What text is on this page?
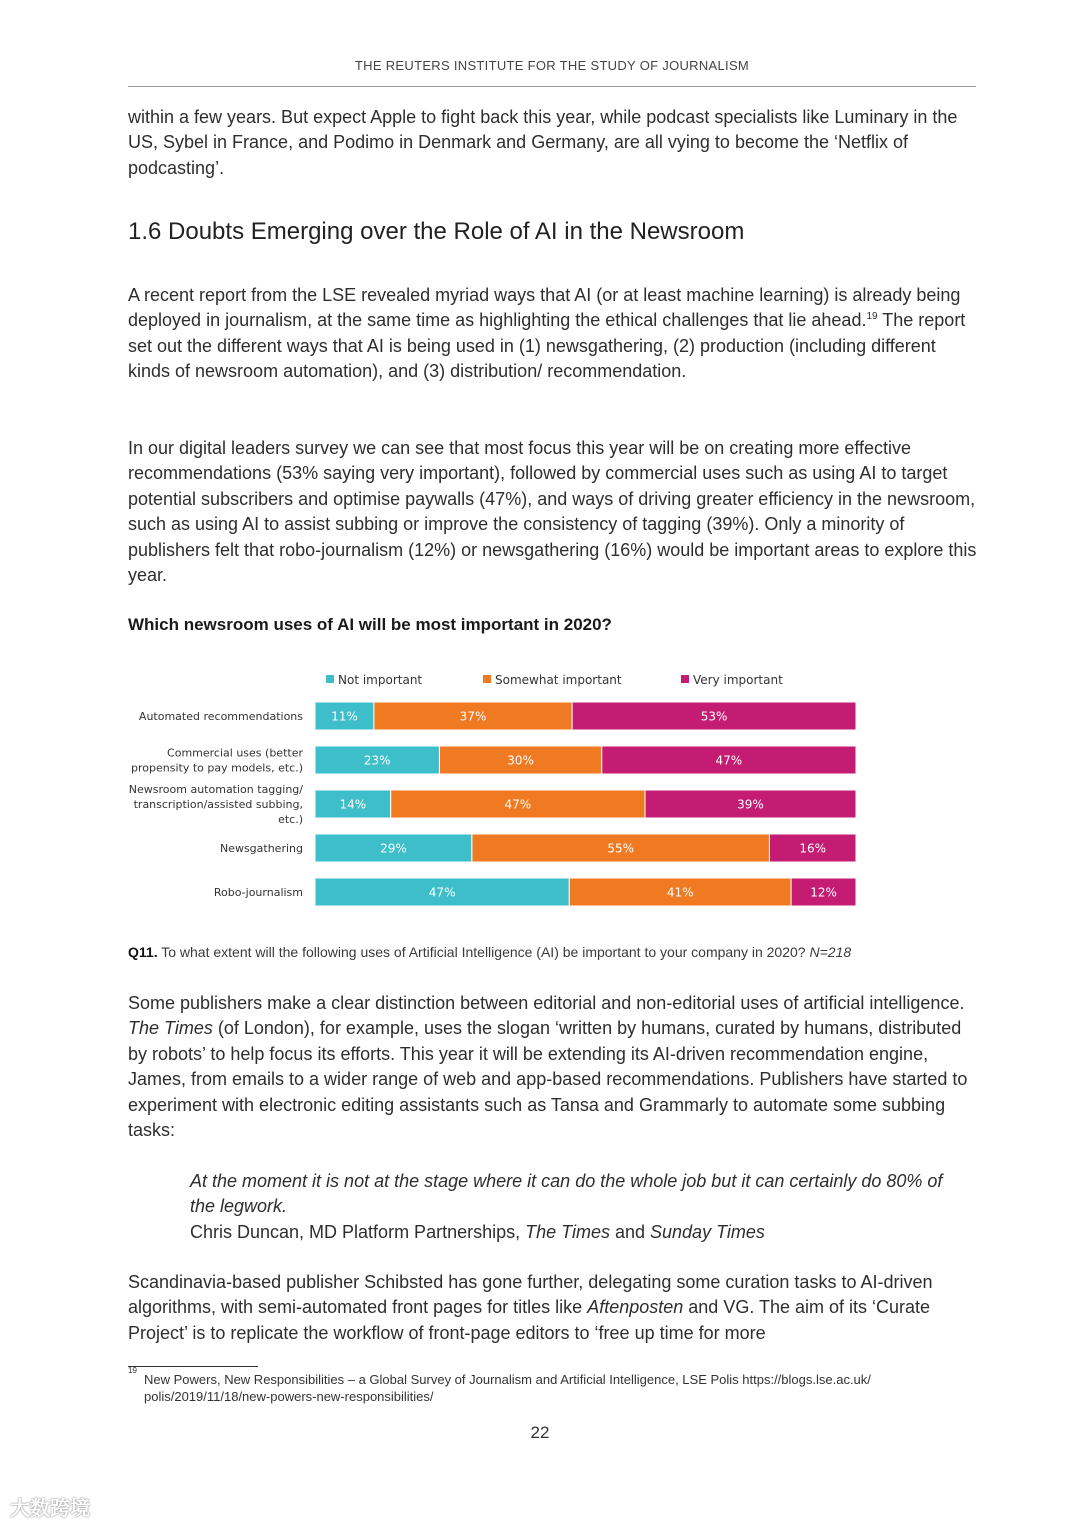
THE REUTERS INSTITUTE FOR THE STUDY OF JOURNALISM

within a few years. But expect Apple to fight back this year, while podcast specialists like Luminary in the US, Sybel in France, and Podimo in Denmark and Germany, are all vying to become the ‘Netflix of podcasting’.

1.6 Doubts Emerging over the Role of AI in the Newsroom

A recent report from the LSE revealed myriad ways that AI (or at least machine learning) is already being deployed in journalism, at the same time as highlighting the ethical challenges that lie ahead.$^{19}$ The report set out the different ways that AI is being used in (1) newsgathering, (2) production (including different kinds of newsroom automation), and (3) distribution/ recommendation.

In our digital leaders survey we can see that most focus this year will be on creating more effective recommendations (53% saying very important), followed by commercial uses such as using AI to target potential subscribers and optimise paywalls (47%), and ways of driving greater efficiency in the newsroom, such as using AI to assist subbing or improve the consistency of tagging (39%). Only a minority of publishers felt that robo-journalism (12%) or newsgathering (16%) would be important areas to explore this year.

Which newsroom uses of AI will be most important in 2020?
Not important	Somewhat important	Very important
Automated recommendations 11%	37%	53%
Commercial uses (better
propensity to pay models, etc.)
23%	30%	47%
Newsroom automation tagging/
transcription/assisted subbing,
etc.)
14%	47%	39%
Newsgathering	29%	55%	16%
Robo-journalism	47%	41%	12%

Q11. To what extent will the following uses of Artificial Intelligence (AI) be important to your company in 2020? N=218

Some publishers make a clear distinction between editorial and non-editorial uses of artificial intelligence. The Times (of London), for example, uses the slogan ‘written by humans, curated by humans, distributed by robots’ to help focus its efforts. This year it will be extending its AI-driven recommendation engine, James, from emails to a wider range of web and app-based recommendations. Publishers have started to experiment with electronic editing assistants such as Tansa and Grammarly to automate some subbing tasks:

At the moment it is not at the stage where it can do the whole job but it can certainly do 80% of the legwork.

Chris Duncan, MD Platform Partnerships, The Times and Sunday Times

Scandinavia-based publisher Schibsted has gone further, delegating some curation tasks to AI-driven algorithms, with semi-automated front pages for titles like Aftenposten and VG. The aim of its ‘Curate Project’ is to replicate the workflow of front-page editors to ‘free up time for more

19
New Powers, New Responsibilities – a Global Survey of Journalism and Artificial Intelligence, LSE Polis https://blogs.lse.ac.uk/ polis/2019/11/18/new-powers-new-responsibilities/
22
大数跨境
